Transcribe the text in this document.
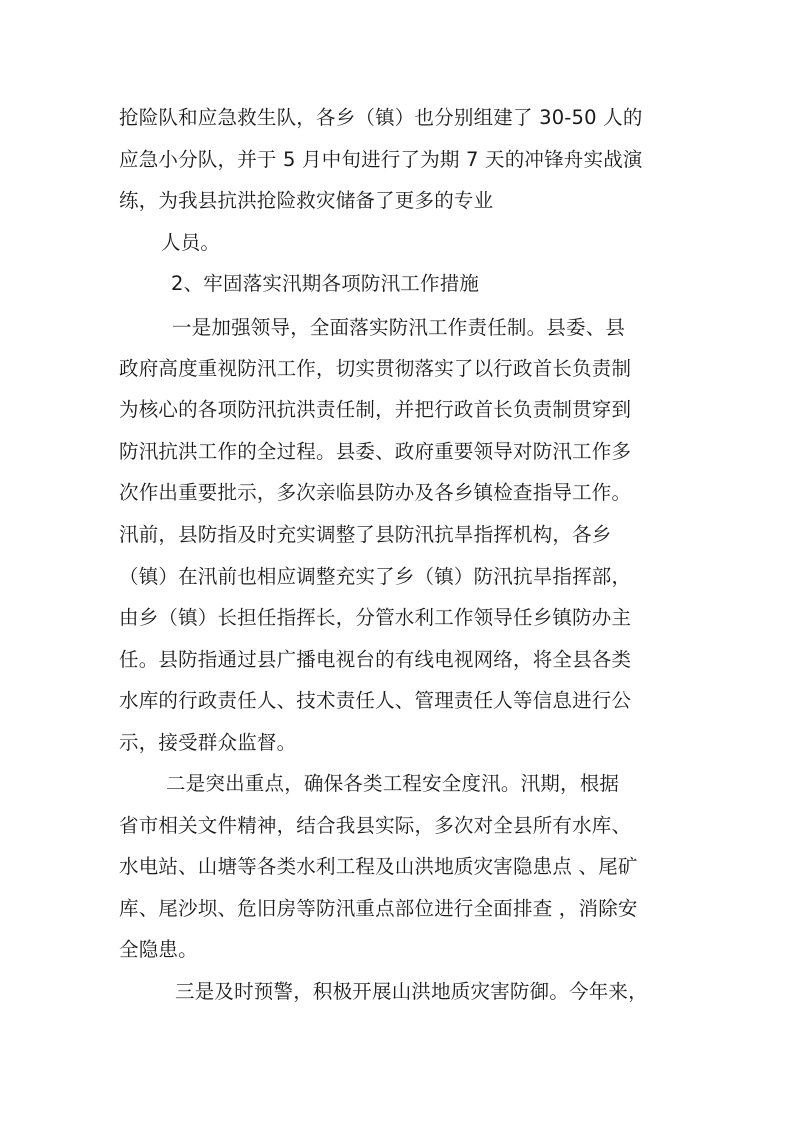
抢险队和应急救生队，各乡（镇）也分别组建了 30-50 人的
应急小分队，并于 5 月中旬进行了为期 7 天的冲锋舟实战演
练，为我县抗洪抢险救灾储备了更多的专业
人员。
2、牢固落实汛期各项防汛工作措施
一是加强领导，全面落实防汛工作责任制。县委、县
政府高度重视防汛工作，切实贯彻落实了以行政首长负责制
为核心的各项防汛抗洪责任制，并把行政首长负责制贯穿到
防汛抗洪工作的全过程。县委、政府重要领导对防汛工作多
次作出重要批示，多次亲临县防办及各乡镇检查指导工作。
汛前，县防指及时充实调整了县防汛抗旱指挥机构，各乡
（镇）在汛前也相应调整充实了乡（镇）防汛抗旱指挥部，
由乡（镇）长担任指挥长，分管水利工作领导任乡镇防办主
任。县防指通过县广播电视台的有线电视网络，将全县各类
水库的行政责任人、技术责任人、管理责任人等信息进行公
示，接受群众监督。
二是突出重点，确保各类工程安全度汛。汛期，根据
省市相关文件精神，结合我县实际，多次对全县所有水库、
水电站、山塘等各类水利工程及山洪地质灾害隐患点 、尾矿
库、尾沙坝、危旧房等防汛重点部位进行全面排查 ，消除安
全隐患。
三是及时预警，积极开展山洪地质灾害防御。今年来，
